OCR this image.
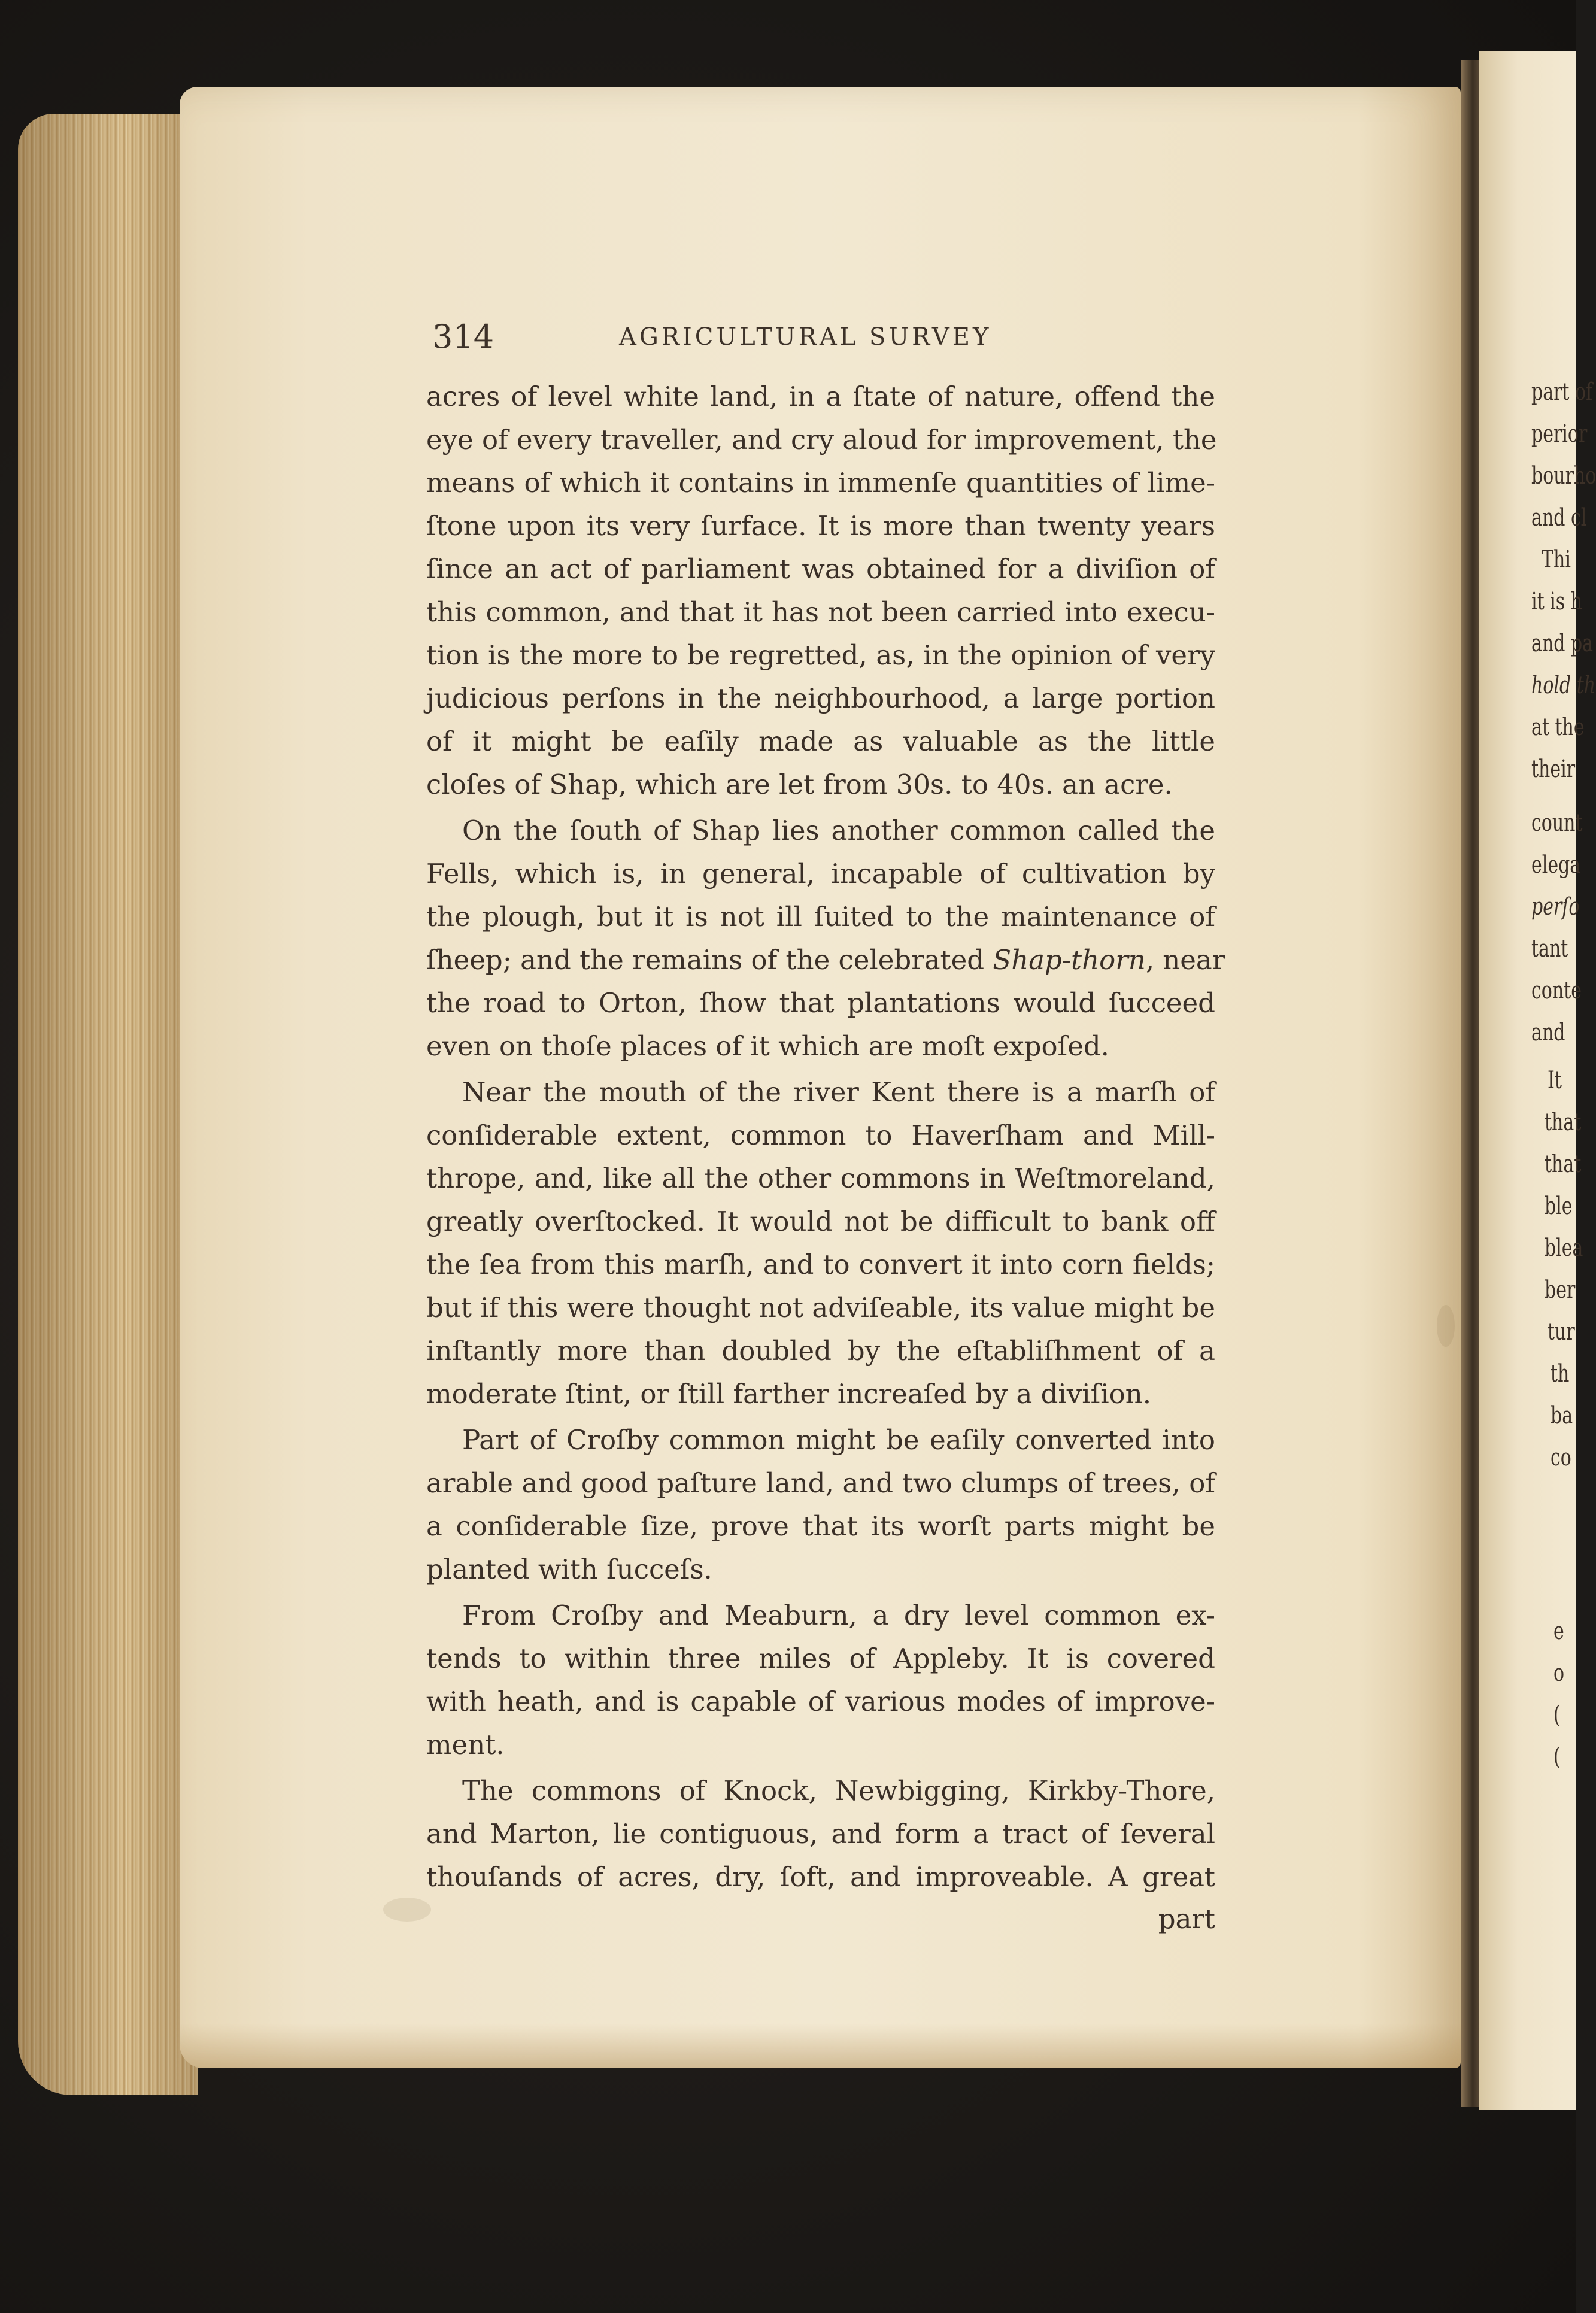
part of
perior
bourho
and cl
Thi
it is h
and pa
hold th
at the
their
count
elega
perſo
tant
conte
and
It
that
that
ble
blea
ber
tur
th
ba
co
e
o
(
(
314	AGRICULTURAL SURVEY
acres of level white land, in a ſtate of nature, offend the
eye of every traveller, and cry aloud for improvement, the
means of which it contains in immenſe quantities of lime-
ſtone upon its very ſurface. It is more than twenty years
ſince an act of parliament was obtained for a diviſion of
this common, and that it has not been carried into execu-
tion is the more to be regretted, as, in the opinion of very
judicious perſons in the neighbourhood, a large portion
of it might be eaſily made as valuable as the little
cloſes of Shap, which are let from 30s. to 40s. an acre.
On the ſouth of Shap lies another common called the
Fells, which is, in general, incapable of cultivation by
the plough, but it is not ill ſuited to the maintenance of
ſheep; and the remains of the celebrated Shap-thorn, near
the road to Orton, ſhow that plantations would ſucceed
even on thoſe places of it which are moſt expoſed.
Near the mouth of the river Kent there is a marſh of
conſiderable extent, common to Haverſham and Mill-
thrope, and, like all the other commons in Weſtmoreland,
greatly overſtocked. It would not be difficult to bank off
the ſea from this marſh, and to convert it into corn fields;
but if this were thought not adviſeable, its value might be
inſtantly more than doubled by the eſtabliſhment of a
moderate ſtint, or ſtill farther increaſed by a diviſion.
Part of Croſby common might be eaſily converted into
arable and good paſture land, and two clumps of trees, of
a conſiderable ſize, prove that its worſt parts might be
planted with ſucceſs.
From Croſby and Meaburn, a dry level common ex-
tends to within three miles of Appleby. It is covered
with heath, and is capable of various modes of improve-
ment.
The commons of Knock, Newbigging, Kirkby-Thore,
and Marton, lie contiguous, and form a tract of ſeveral
thouſands of acres, dry, ſoft, and improveable. A great
part
